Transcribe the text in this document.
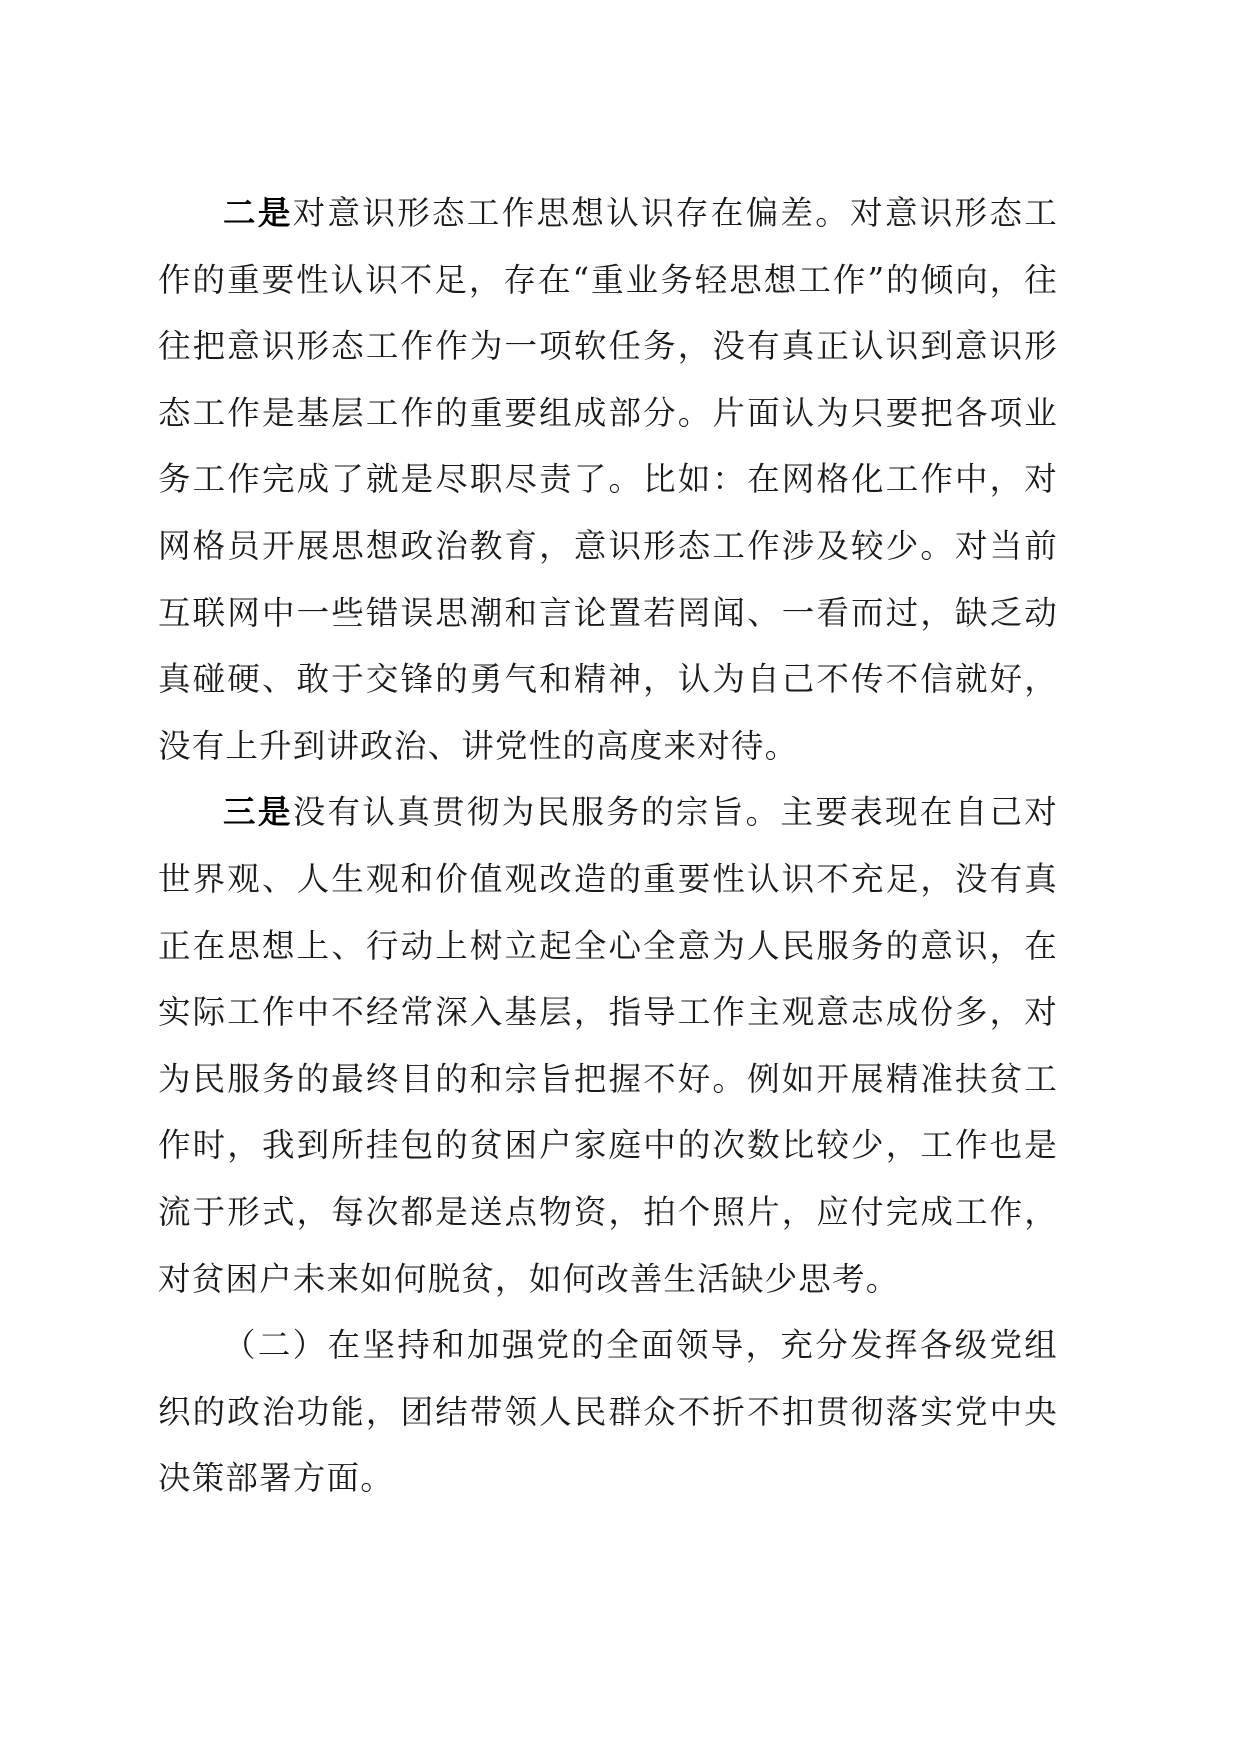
二是对意识形态工作思想认识存在偏差。对意识形态工作的重要性认识不足，存在“重业务轻思想工作”的倾向，往往把意识形态工作作为一项软任务，没有真正认识到意识形态工作是基层工作的重要组成部分。片面认为只要把各项业务工作完成了就是尽职尽责了。比如：在网格化工作中，对网格员开展思想政治教育，意识形态工作涉及较少。对当前互联网中一些错误思潮和言论置若罔闻、一看而过，缺乏动真碰硬、敢于交锋的勇气和精神，认为自己不传不信就好，没有上升到讲政治、讲党性的高度来对待。

三是没有认真贯彻为民服务的宗旨。主要表现在自己对世界观、人生观和价值观改造的重要性认识不充足，没有真正在思想上、行动上树立起全心全意为人民服务的意识，在实际工作中不经常深入基层，指导工作主观意志成份多，对为民服务的最终目的和宗旨把握不好。例如开展精准扶贫工作时，我到所挂包的贫困户家庭中的次数比较少，工作也是流于形式，每次都是送点物资，拍个照片，应付完成工作，对贫困户未来如何脱贫，如何改善生活缺少思考。

（二）在坚持和加强党的全面领导，充分发挥各级党组织的政治功能，团结带领人民群众不折不扣贯彻落实党中央决策部署方面。
